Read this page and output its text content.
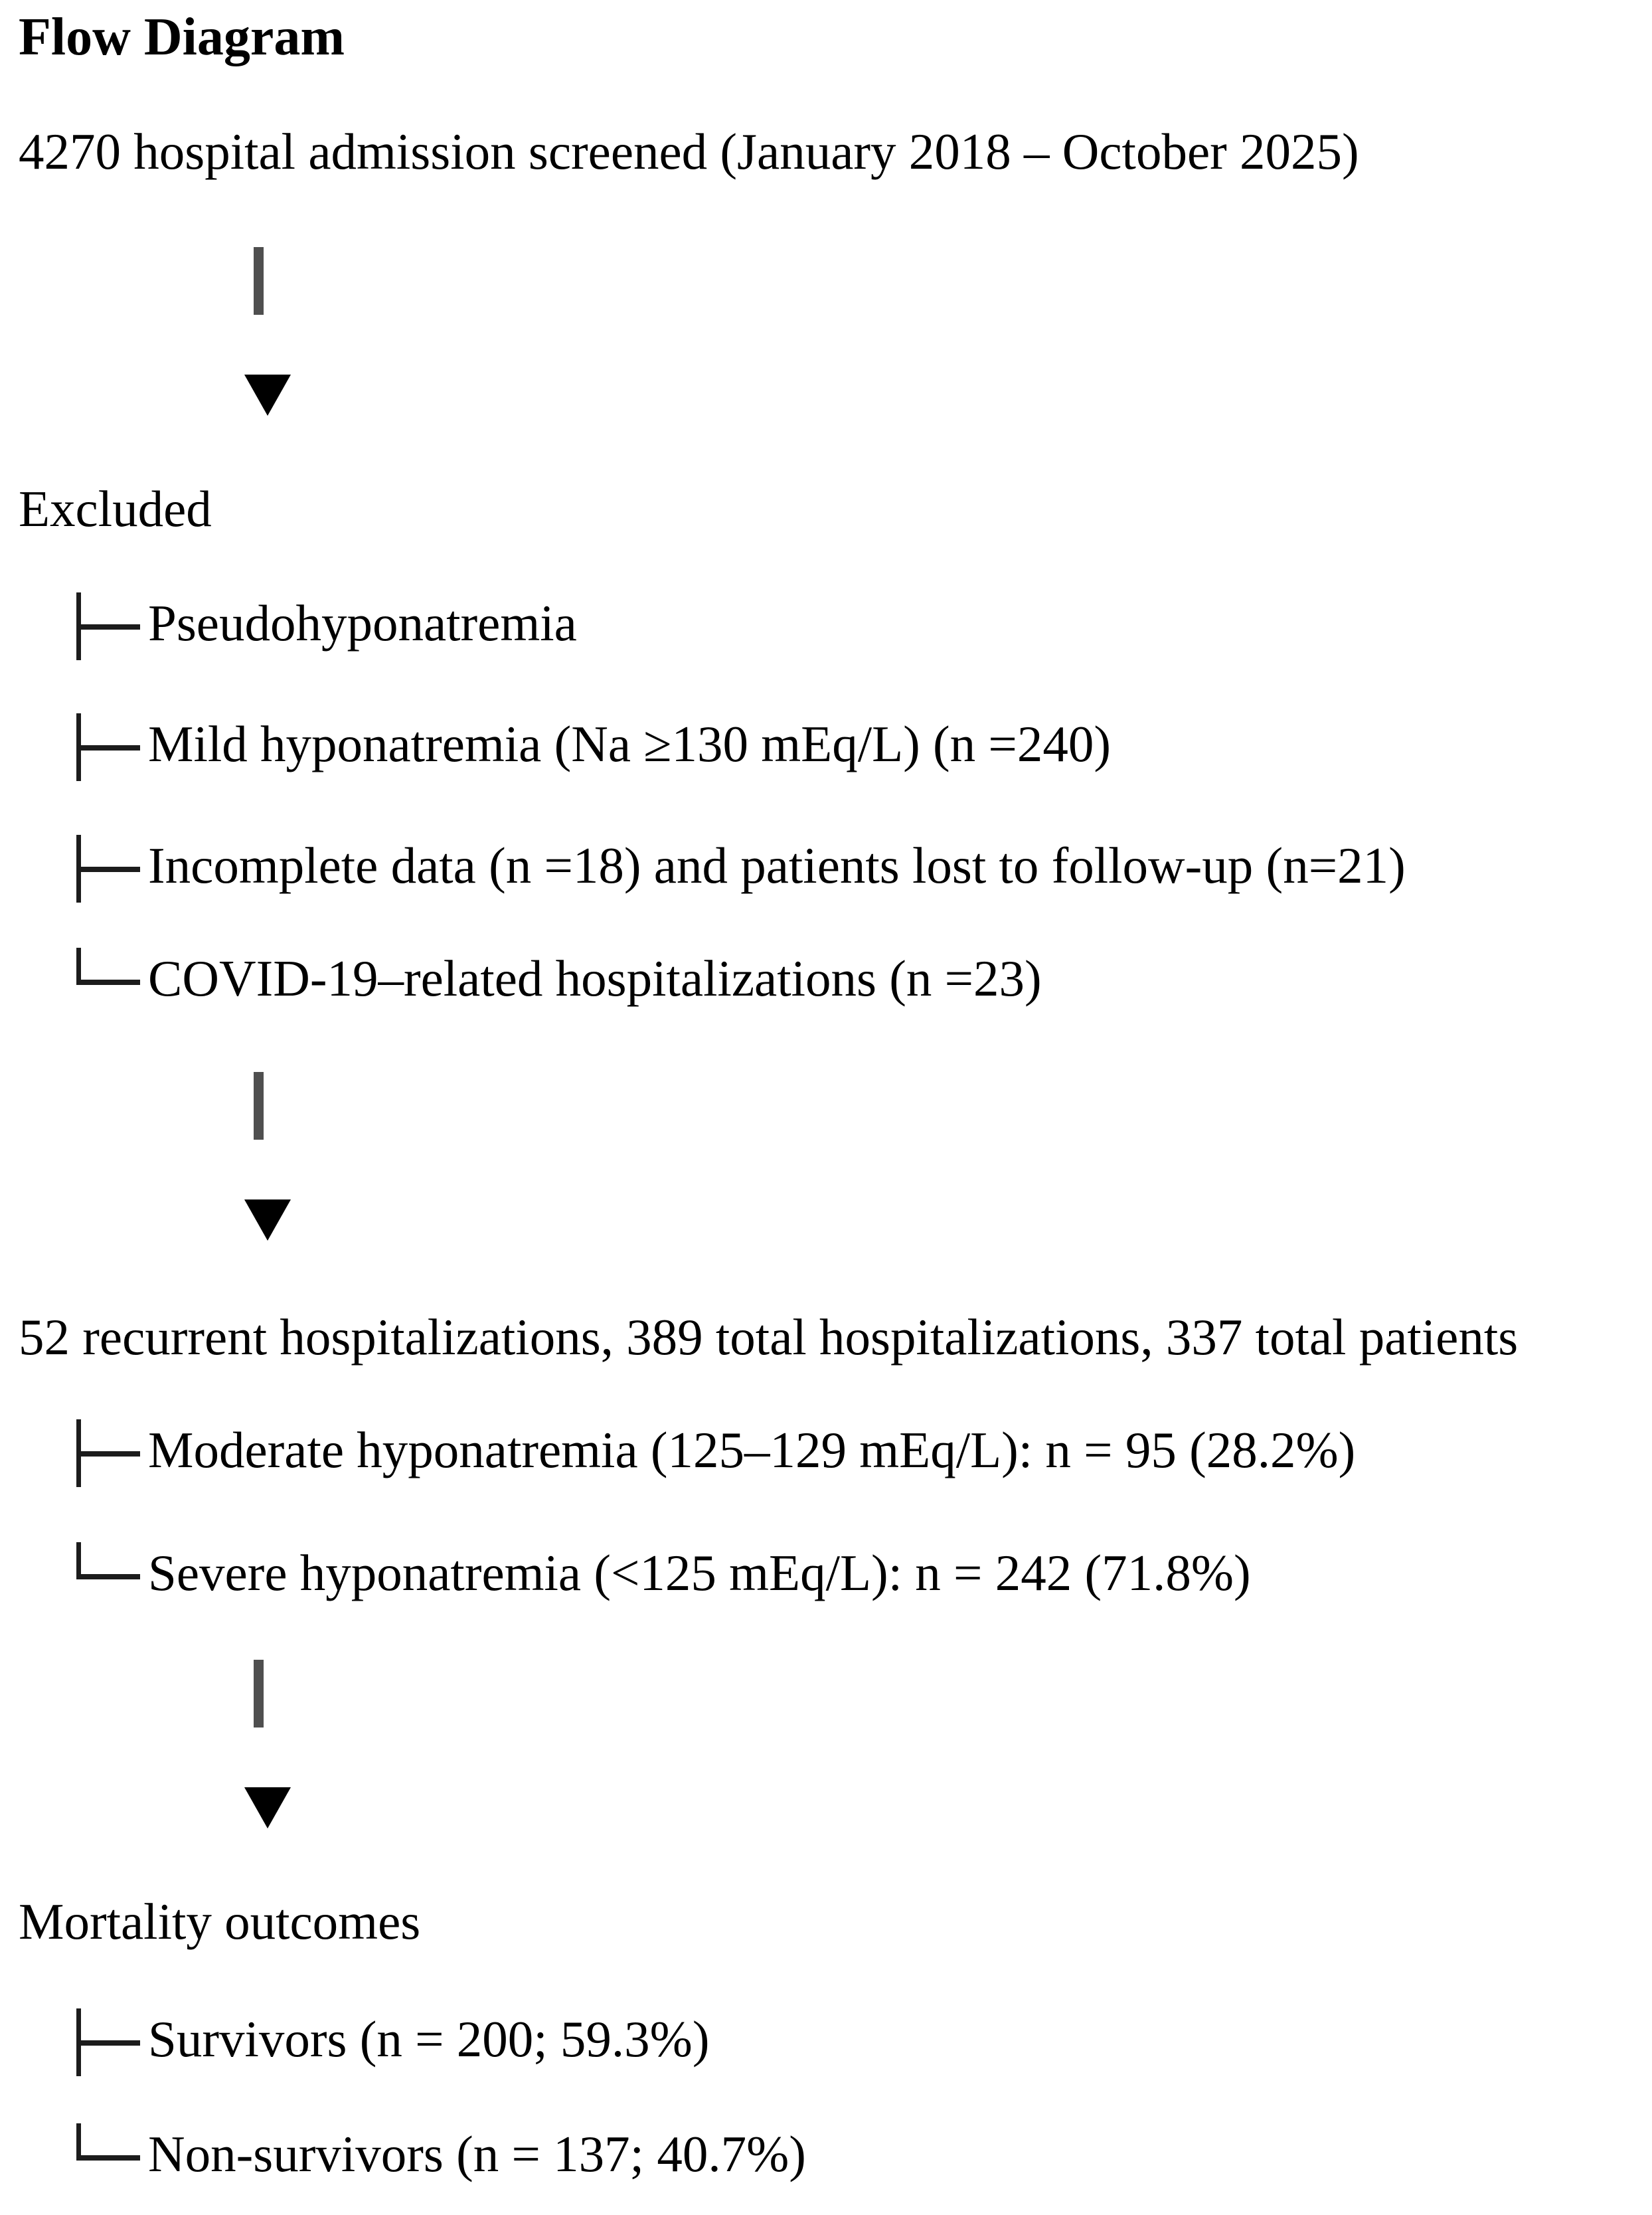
Flow Diagram

4270 hospital admission screened (January 2018 – October 2025)

Excluded

Pseudohyponatremia

Mild hyponatremia (Na ≥130 mEq/L) (n =240)

Incomplete data (n =18) and patients lost to follow-up (n=21)

COVID-19–related hospitalizations (n =23)

52 recurrent hospitalizations, 389 total hospitalizations, 337 total patients

Moderate hyponatremia (125–129 mEq/L): n = 95 (28.2%)

Severe hyponatremia (<125 mEq/L): n = 242 (71.8%)

Mortality outcomes

Survivors (n = 200; 59.3%)

Non-survivors (n = 137; 40.7%)
